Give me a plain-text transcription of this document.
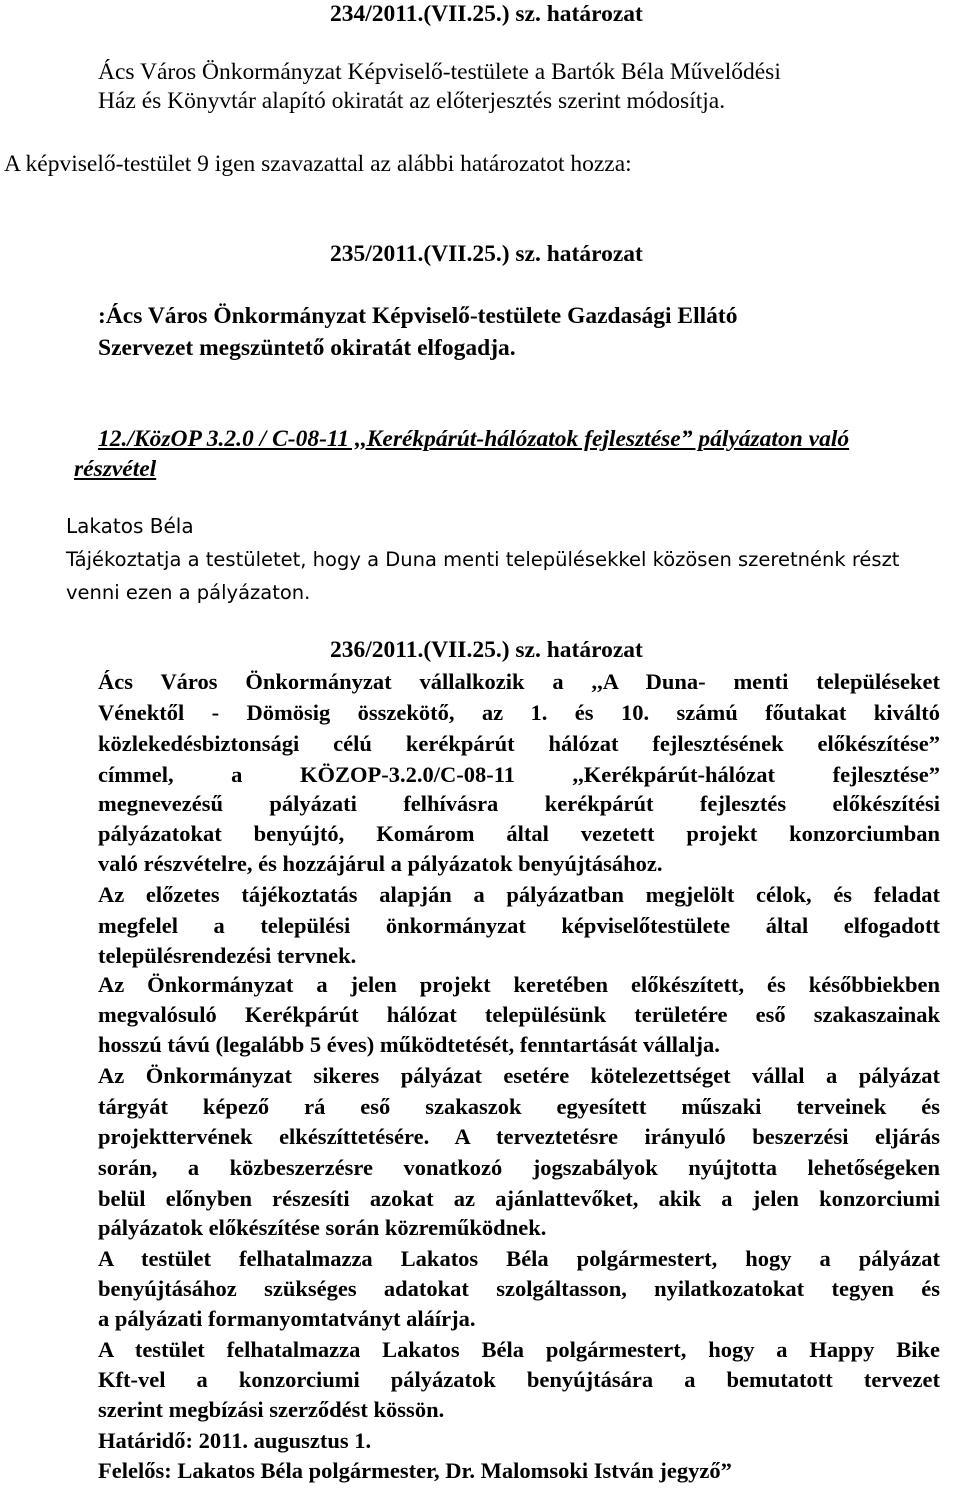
234/2011.(VII.25.) sz. határozat

Ács Város Önkormányzat Képviselő-testülete a Bartók Béla Művelődési

Ház és Könyvtár alapító okiratát az előterjesztés szerint módosítja.

A képviselő-testület 9 igen szavazattal az alábbi határozatot hozza:

235/2011.(VII.25.) sz. határozat

:Ács Város Önkormányzat Képviselő-testülete Gazdasági Ellátó

Szervezet megszüntető okiratát elfogadja.

12./KözOP 3.2.0 / C-08-11 ,,Kerékpárút-hálózatok fejlesztése” pályázaton való

részvétel

Lakatos Béla

Tájékoztatja a testületet, hogy a Duna menti településekkel közösen szeretnénk részt

venni ezen a pályázaton.

236/2011.(VII.25.) sz. határozat

Ács Város Önkormányzat vállalkozik a ,,A Duna- menti településeket

Vénektől - Dömösig összekötő, az 1. és 10. számú főutakat kiváltó

közlekedésbiztonsági célú kerékpárút hálózat fejlesztésének előkészítése”

címmel, a KÖZOP-3.2.0/C-08-11 ,,Kerékpárút-hálózat fejlesztése”

megnevezésű pályázati felhívásra kerékpárút fejlesztés előkészítési

pályázatokat benyújtó, Komárom által vezetett projekt konzorciumban

való részvételre, és hozzájárul a pályázatok benyújtásához.

Az előzetes tájékoztatás alapján a pályázatban megjelölt célok, és feladat

megfelel a települési önkormányzat képviselőtestülete által elfogadott

településrendezési tervnek.

Az Önkormányzat a jelen projekt keretében előkészített, és későbbiekben

megvalósuló Kerékpárút hálózat településünk területére eső szakaszainak

hosszú távú (legalább 5 éves) működtetését, fenntartását vállalja.

Az Önkormányzat sikeres pályázat esetére kötelezettséget vállal a pályázat

tárgyát képező rá eső szakaszok egyesített műszaki terveinek és

projekttervének elkészíttetésére. A terveztetésre irányuló beszerzési eljárás

során, a közbeszerzésre vonatkozó jogszabályok nyújtotta lehetőségeken

belül előnyben részesíti azokat az ajánlattevőket, akik a jelen konzorciumi

pályázatok előkészítése során közreműködnek.

A testület felhatalmazza Lakatos Béla polgármestert, hogy a pályázat

benyújtásához szükséges adatokat szolgáltasson, nyilatkozatokat tegyen és

a pályázati formanyomtatványt aláírja.

A testület felhatalmazza Lakatos Béla polgármestert, hogy a Happy Bike

Kft-vel a konzorciumi pályázatok benyújtására a bemutatott tervezet

szerint megbízási szerződést kössön.

Határidő: 2011. augusztus 1.

Felelős: Lakatos Béla polgármester, Dr. Malomsoki István jegyző”
